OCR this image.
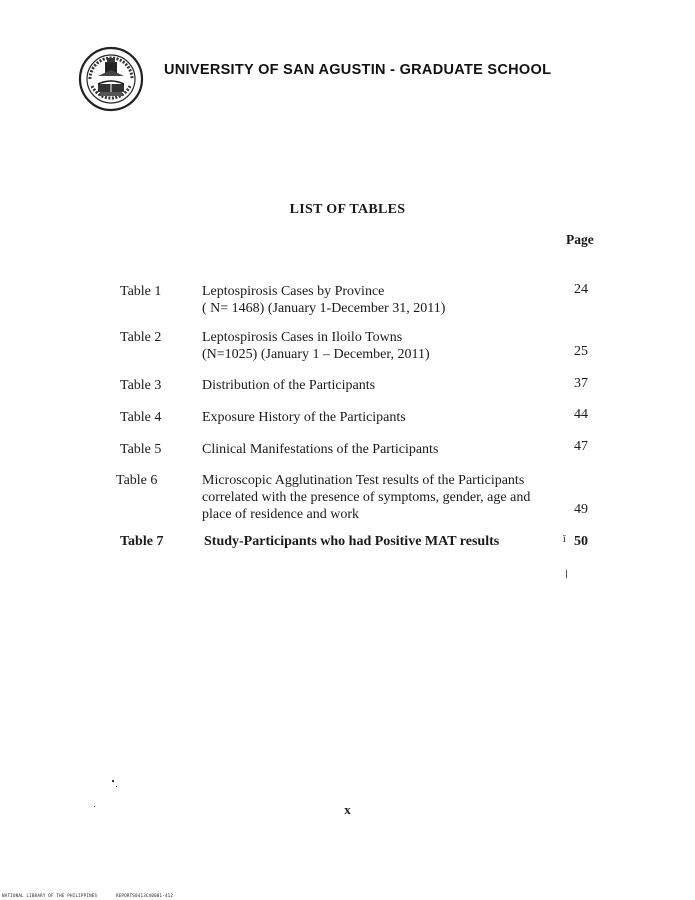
UNIVERSITY OF SAN AGUSTIN - GRADUATE SCHOOL
LIST OF TABLES
Page
Table 1	Leptospirosis Cases by Province
( N= 1468) (January 1-December 31, 2011)
24
Table 2	Leptospirosis Cases in Iloilo Towns
(N=1025) (January 1 – December, 2011)	25
Table 3	Distribution of the Participants	37
Table 4	Exposure History of the Participants	44
Table 5	Clinical Manifestations of the Participants	47
Table 6	Microscopic Agglutination Test results of the Participants
correlated with the presence of symptoms, gender, age and
place of residence and work	49
Table 7	Study-Participants who had Positive MAT results	50
ǐ
x
NATIONAL LIBRARY OF THE PHILIPPINES	REPORTS0413C40001-412
